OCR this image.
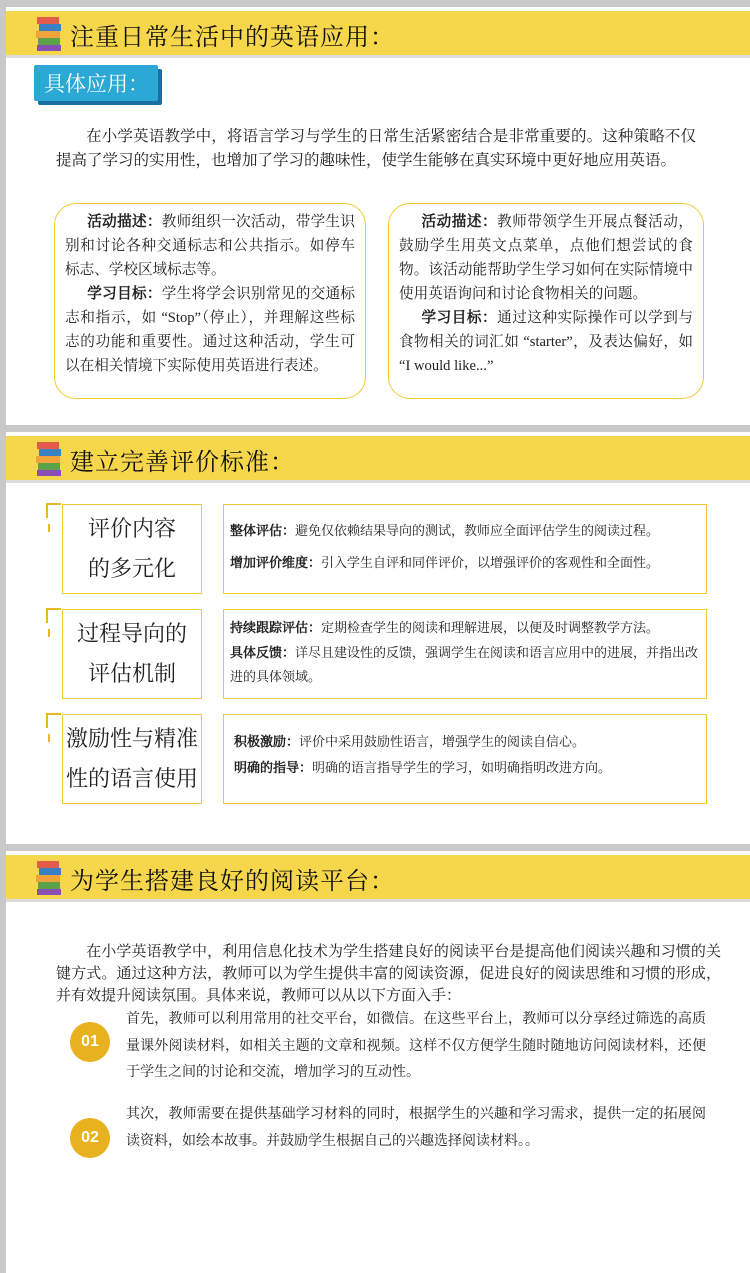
注重日常生活中的英语应用：
具体应用：
在小学英语教学中，将语言学习与学生的日常生活紧密结合是非常重要的。这种策略不仅提高了学习的实用性，也增加了学习的趣味性，使学生能够在真实环境中更好地应用英语。
活动描述：教师组织一次活动，带学生识别和讨论各种交通标志和公共指示。如停车标志、学校区域标志等。
学习目标：学生将学会识别常见的交通标志和指示，如 “Stop”（停止），并理解这些标志的功能和重要性。通过这种活动，学生可以在相关情境下实际使用英语进行表述。
活动描述：教师带领学生开展点餐活动，鼓励学生用英文点菜单，点他们想尝试的食物。该活动能帮助学生学习如何在实际情境中使用英语询问和讨论食物相关的问题。
学习目标：通过这种实际操作可以学到与食物相关的词汇如 “starter”，及表达偏好，如 “I would like...”
建立完善评价标准：
评价内容
的多元化
整体评估：避免仅依赖结果导向的测试，教师应全面评估学生的阅读过程。
增加评价维度：引入学生自评和同伴评价，以增强评价的客观性和全面性。
过程导向的
评估机制
持续跟踪评估：定期检查学生的阅读和理解进展，以便及时调整教学方法。
具体反馈：详尽且建设性的反馈，强调学生在阅读和语言应用中的进展，并指出改进的具体领域。
激励性与精准
性的语言使用
积极激励：评价中采用鼓励性语言，增强学生的阅读自信心。
明确的指导：明确的语言指导学生的学习，如明确指明改进方向。
为学生搭建良好的阅读平台：
在小学英语教学中，利用信息化技术为学生搭建良好的阅读平台是提高他们阅读兴趣和习惯的关键方式。通过这种方法，教师可以为学生提供丰富的阅读资源，促进良好的阅读思维和习惯的形成，并有效提升阅读氛围。具体来说，教师可以从以下方面入手：
01
首先，教师可以利用常用的社交平台，如微信。在这些平台上，教师可以分享经过筛选的高质量课外阅读材料，如相关主题的文章和视频。这样不仅方便学生随时随地访问阅读材料，还便于学生之间的讨论和交流，增加学习的互动性。
02
其次，教师需要在提供基础学习材料的同时，根据学生的兴趣和学习需求，提供一定的拓展阅读资料，如绘本故事。并鼓励学生根据自己的兴趣选择阅读材料。。
